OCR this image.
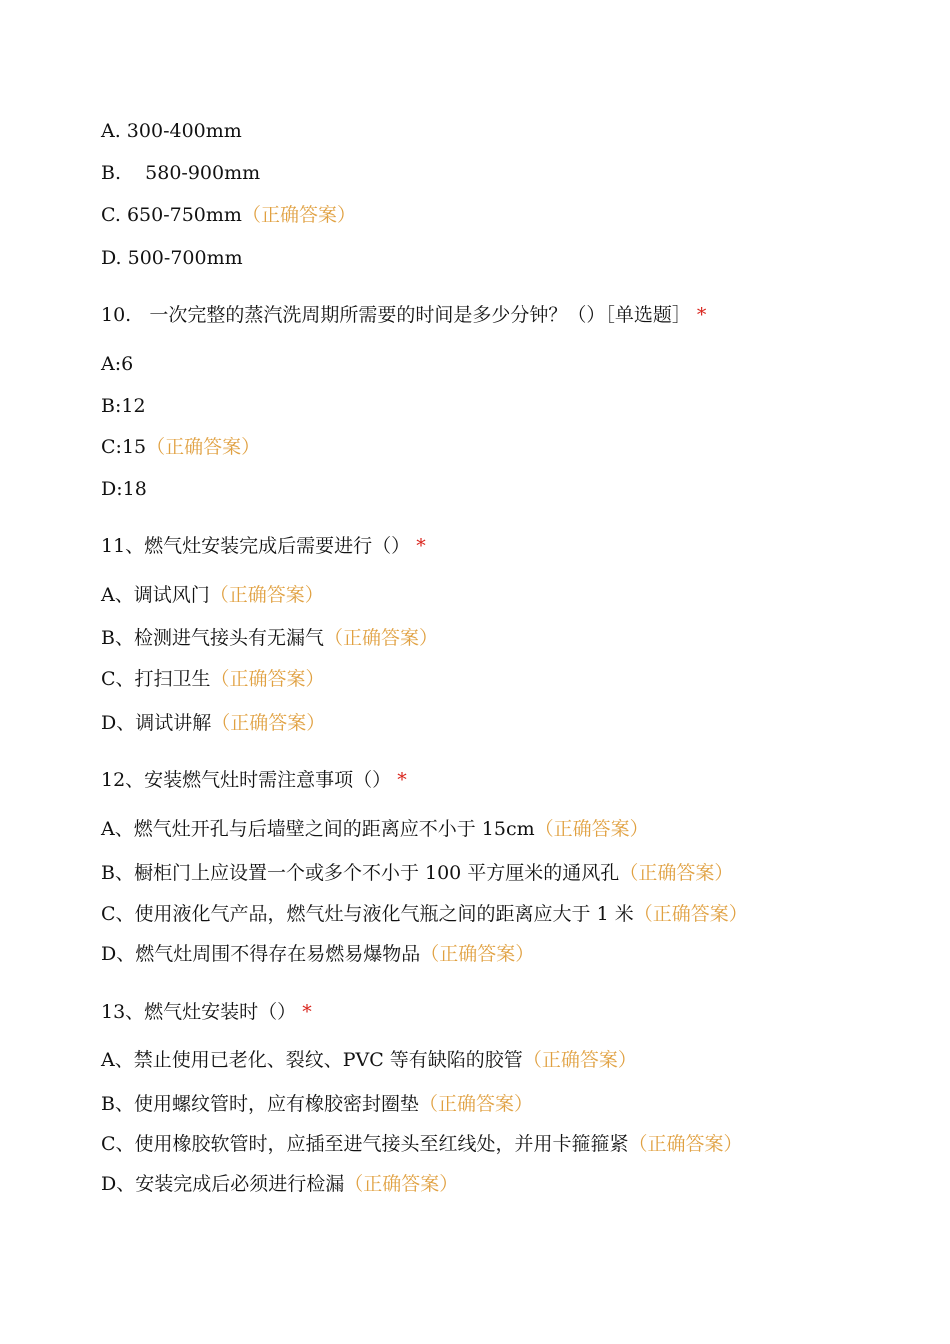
A. 300-400mm
B.    580-900mm
C. 650-750mm（正确答案）
D. 500-700mm
10.   一次完整的蒸汽洗周期所需要的时间是多少分钟？（）［单选题］ *
A:6
B:12
C:15（正确答案）
D:18
11、燃气灶安装完成后需要进行（） *
A、调试风门（正确答案）
B、检测进气接头有无漏气（正确答案）
C、打扫卫生（正确答案）
D、调试讲解（正确答案）
12、安装燃气灶时需注意事项（） *
A、燃气灶开孔与后墙壁之间的距离应不小于 15cm（正确答案）
B、橱柜门上应设置一个或多个不小于 100 平方厘米的通风孔（正确答案）
C、使用液化气产品，燃气灶与液化气瓶之间的距离应大于 1 米（正确答案）
D、燃气灶周围不得存在易燃易爆物品（正确答案）
13、燃气灶安装时（） *
A、禁止使用已老化、裂纹、PVC 等有缺陷的胶管（正确答案）
B、使用螺纹管时，应有橡胶密封圈垫（正确答案）
C、使用橡胶软管时，应插至进气接头至红线处，并用卡箍箍紧（正确答案）
D、安装完成后必须进行检漏（正确答案）
